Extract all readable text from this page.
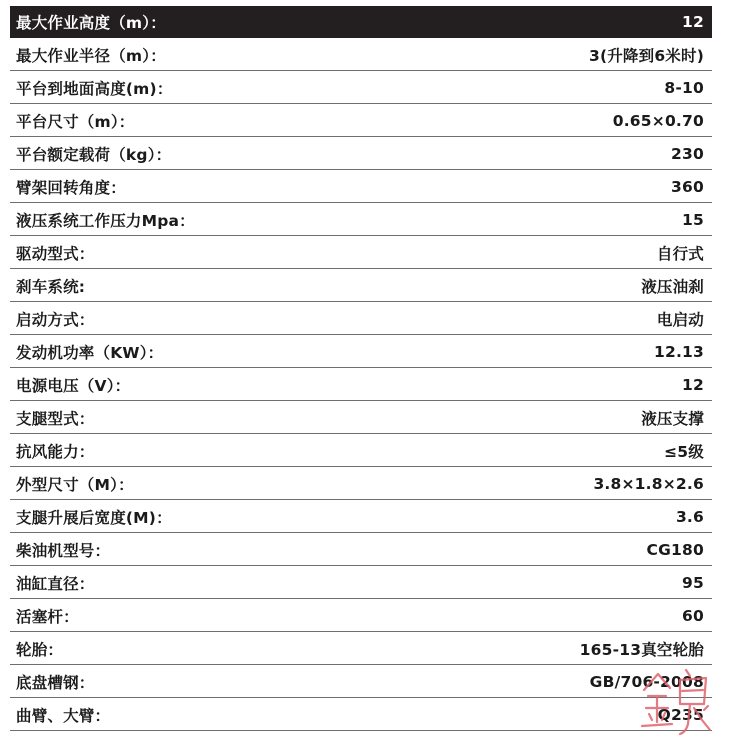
最大作业高度（m）：	12
最大作业半径（m）：	3(升降到6米时)
平台到地面高度(m)：	8-10
平台尺寸（m）：	0.65×0.70
平台额定载荷（kg）：	230
臂架回转角度：	360
液压系统工作压力Mpa：	15
驱动型式：	自行式
刹车系统:	液压油刹
启动方式：	电启动
发动机功率（KW）：	12.13
电源电压（V）：	12
支腿型式：	液压支撑
抗风能力：	≤5级
外型尺寸（M）：	3.8×1.8×2.6
支腿升展后宽度(M)：	3.6
柴油机型号：	CG180
油缸直径：	95
活塞杆：	60
轮胎：	165-13真空轮胎
底盘槽钢：	GB/706-2008
曲臂、大臂：	Q235
